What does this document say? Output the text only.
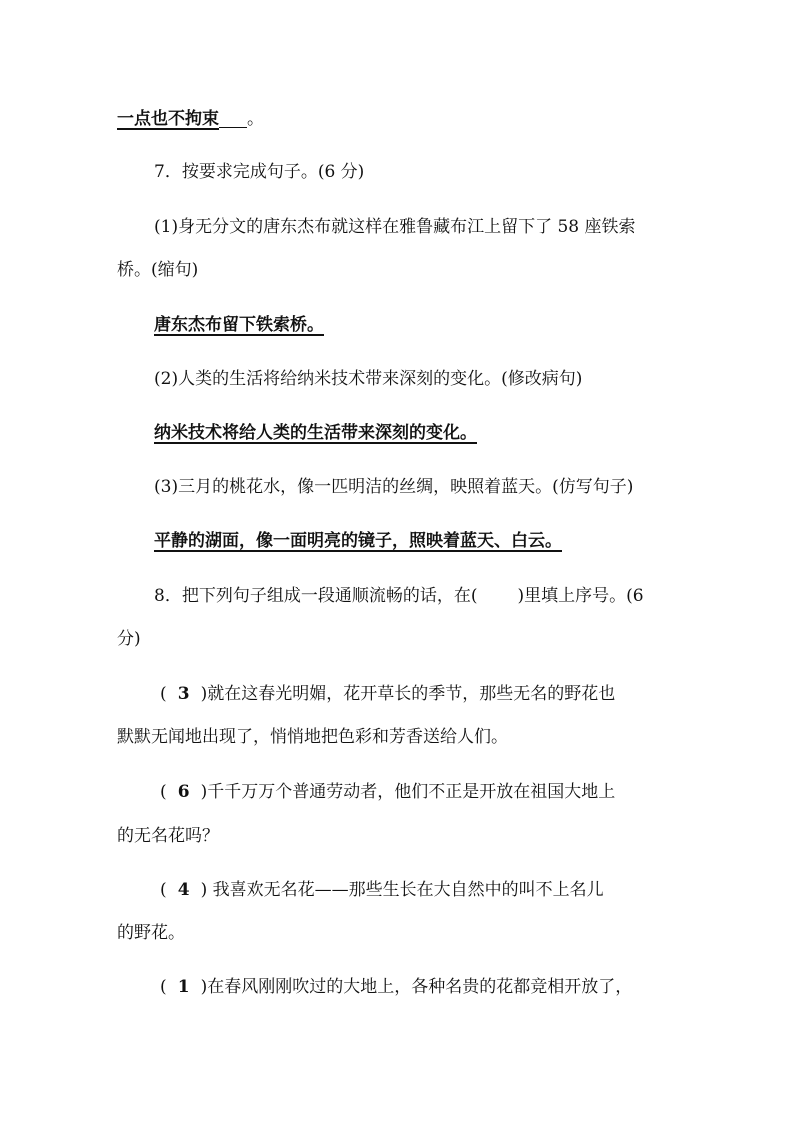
一点也不拘束 。
7．按要求完成句子。(6 分)
(1)身无分文的唐东杰布就这样在雅鲁藏布江上留下了 58 座铁索
桥。(缩句)
唐东杰布留下铁索桥。
(2)人类的生活将给纳米技术带来深刻的变化。(修改病句)
纳米技术将给人类的生活带来深刻的变化。
(3)三月的桃花水，像一匹明洁的丝绸，映照着蓝天。(仿写句子)
平静的湖面，像一面明亮的镜子，照映着蓝天、白云。
8．把下列句子组成一段通顺流畅的话，在( )里填上序号。(6
分)
( 3 )就在这春光明媚，花开草长的季节，那些无名的野花也
默默无闻地出现了，悄悄地把色彩和芳香送给人们。
( 6 )千千万万个普通劳动者，他们不正是开放在祖国大地上
的无名花吗？
( 4 ) 我喜欢无名花——那些生长在大自然中的叫不上名儿
的野花。
( 1 )在春风刚刚吹过的大地上，各种名贵的花都竞相开放了，
